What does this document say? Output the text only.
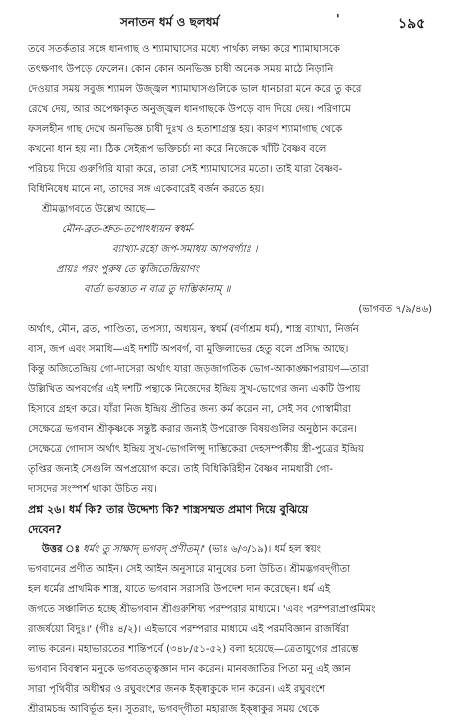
সনাতন ধর্ম ও ছলধর্ম	'	১৯৫
তবে সতর্কতার সঙ্গে ধানগাছ ও শ্যামাঘাসের মধ্যে পার্থক্য লক্ষ্য করে শ্যামাঘাসকে
তৎক্ষণাৎ উপড়ে ফেলেন। কোন কোন অনভিজ্ঞ চাষী অনেক সময় মাঠে নিড়ানি
দেওয়ার সময় সবুজ শ্যামল উজ্জ্বল শ্যামাঘাসগুলিকে ভাল ধানচারা মনে করে তু করে
রেখে দেয়, আর অপেক্ষাকৃত অনুজ্জ্বল ধানগাছকে উপড়ে বাদ দিয়ে দেয়। পরিণামে
ফসলহীন গাছ দেখে অনভিজ্ঞ চাষী দুঃখ ও হতাশাগ্রস্ত হয়। কারণ শ্যামাগাছ থেকে
কখনো ধান হয় না। ঠিক সেইরূপ ভক্তিচর্চা না করে নিজেকে খাঁটি বৈষ্ণব বলে
পরিচয় দিয়ে গুরুগিরি যারা করে, তারা সেই শ্যামাঘাসের মতো। তাই যারা বৈষ্ণব-
বিধিনিষেধ মানে না, তাদের সঙ্গ একেবারেই বর্জন করতে হয়।
শ্রীমদ্ভাগবতে উল্লেখ আছে—
মৌন-ব্রত-শ্রুত-তপোঽধ্যয়ন স্বধর্ম-
ব্যাখ্যা-রহো জপ-সমাধয় আপবর্গ্যাঃ ।
প্রায়ঃ পরং পুরুষ তে ত্বজিতেন্দ্রিয়াণং
বার্তা ভবন্ত্যত ন বাত্র তু দাম্ভিকানাম্‌ ॥
(ভাগবত ৭/৯/৪৬)
অর্থাৎ, মৌন, ব্রত, পাণ্ডিত্য, তপস্যা, অধ্যয়ন, স্বধর্ম (বর্ণাশ্রম ধর্ম), শাস্ত্র ব্যাখ্যা, নির্জন
বাস, জপ এবং সমাধি—এই দশটি অপবর্গ, বা মুক্তিলাভের হেতু বলে প্রসিদ্ধ আছে।
কিন্তু অজিতেন্দ্রিয় গো-দাসেরা অর্থাৎ যারা জড়জাগতিক ভোগ-আকাঙ্ক্ষাপরায়ণ—তারা
উল্লিখিত অপবর্গের এই দশটি পন্থাকে নিজেদের ইন্দ্রিয় সুখ-ভোগের জন্য একটি উপায়
হিসাবে গ্রহণ করে। যাঁরা নিজ ইন্দ্রিয় প্রীতির জন্য কর্ম করেন না, সেই সব গোস্বামীরা
সেক্ষেত্রে ভগবান শ্রীকৃষ্ণকে সন্তুষ্ট করার জন্যই উপরোক্ত বিষয়গুলির অনুষ্ঠান করেন।
সেক্ষেত্রে গোদাস অর্থাৎ ইন্দ্রিয় সুখ-ভোগলিপ্সু দাম্ভিকেরা দেহসম্পর্কীয় স্ত্রী-পুত্রের ইন্দ্রিয়
তৃপ্তির জন্যই সেগুলি অপপ্রয়োগ করে। তাই বিধিকিরিহীন বৈষ্ণব নামধারী গো-
দাসদের সংস্পর্শ থাকা উচিত নয়।
প্রশ্ন ২৬। ধর্ম কি? তার উদ্দেশ্য কি? শাস্ত্রসম্মত প্রমাণ দিয়ে বুঝিয়ে
দেবেন?
উত্তর ঃ ধর্মং তু সাক্ষাদ্‌ ভগবদ্‌ প্রণীতম্‌।' (ভাঃ ৬/৩/১৯)। ধর্ম হল স্বয়ং
ভগবানের প্রণীত আইন। সেই আইন অনুসারে মানুষের চলা উচিত। শ্রীমদ্ভগবদ্‌গীতা
হল ধর্মের প্রাথমিক শাস্ত্র, যাতে ভগবান সরাসরি উপদেশ দান করেছেন। ধর্ম এই
জগতে সঞ্চালিত হচ্ছে শ্রীভগবান শ্রীগুরুশিষ্য পরম্পরার মাধ্যমে। 'এবং পরম্পরাপ্রাপ্তমিমং
রাজর্ষয়ো বিদুঃ।' (গীঃ ৪/২)। এইভাবে পরম্পরার মাধ্যমে এই পরমবিজ্ঞান রাজর্ষিরা
লাভ করেন। মহাভারতের শান্তিপর্বে (৩৪৮/৫১-৫২) বলা হয়েছে—ত্রেতাযুগের প্রারম্ভে
ভগবান বিবস্বান মনুকে ভগবতত্ত্বজ্ঞান দান করেন। মানবজাতির পিতা মনু এই জ্ঞান
সারা পৃথিবীর অধীশ্বর ও রঘুবংশের জনক ইক্ষ্বাকুকে দান করেন। এই রঘুবংশে
শ্রীরামচন্দ্র আবির্ভূত হন। সুতরাং, ভগবদ্‌গীতা মহারাজ ইক্ষ্বাকুর সময় থেকে
